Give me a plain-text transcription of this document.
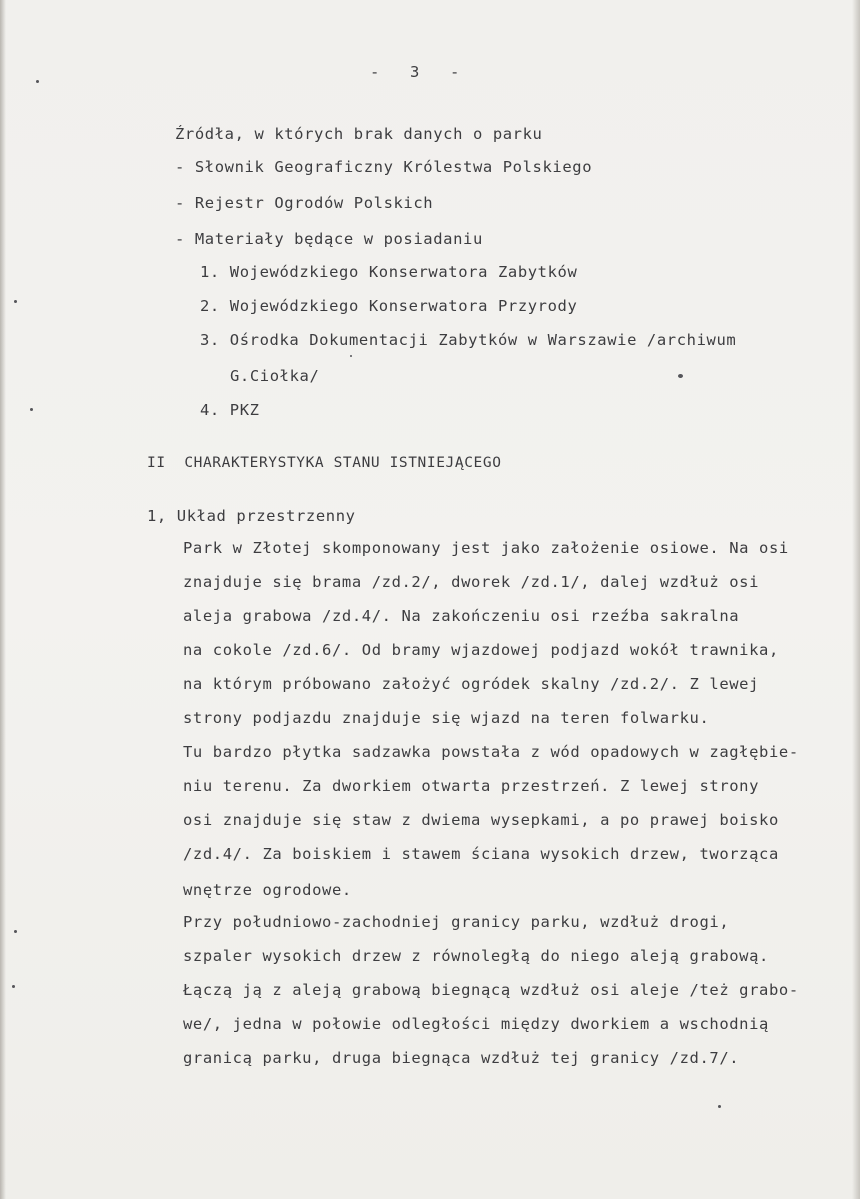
-  3  -
Źródła, w których brak danych o parku
- Słownik Geograficzny Królestwa Polskiego
- Rejestr Ogrodów Polskich
- Materiały będące w posiadaniu
1. Wojewódzkiego Konserwatora Zabytków
2. Wojewódzkiego Konserwatora Przyrody
3. Ośrodka Dokumentacji Zabytków w Warszawie /archiwum
G.Ciołka/
4. PKZ
II  CHARAKTERYSTYKA STANU ISTNIEJĄCEGO
1, Układ przestrzenny
Park w Złotej skomponowany jest jako założenie osiowe. Na osi
znajduje się brama /zd.2/, dworek /zd.1/, dalej wzdłuż osi
aleja grabowa /zd.4/. Na zakończeniu osi rzeźba sakralna
na cokole /zd.6/. Od bramy wjazdowej podjazd wokół trawnika,
na którym próbowano założyć ogródek skalny /zd.2/. Z lewej
strony podjazdu znajduje się wjazd na teren folwarku.
Tu bardzo płytka sadzawka powstała z wód opadowych w zagłębie-
niu terenu. Za dworkiem otwarta przestrzeń. Z lewej strony
osi znajduje się staw z dwiema wysepkami, a po prawej boisko
/zd.4/. Za boiskiem i stawem ściana wysokich drzew, tworząca
wnętrze ogrodowe.
Przy południowo-zachodniej granicy parku, wzdłuż drogi,
szpaler wysokich drzew z równoległą do niego aleją grabową.
Łączą ją z aleją grabową biegnącą wzdłuż osi aleje /też grabo-
we/, jedna w połowie odległości między dworkiem a wschodnią
granicą parku, druga biegnąca wzdłuż tej granicy /zd.7/.
